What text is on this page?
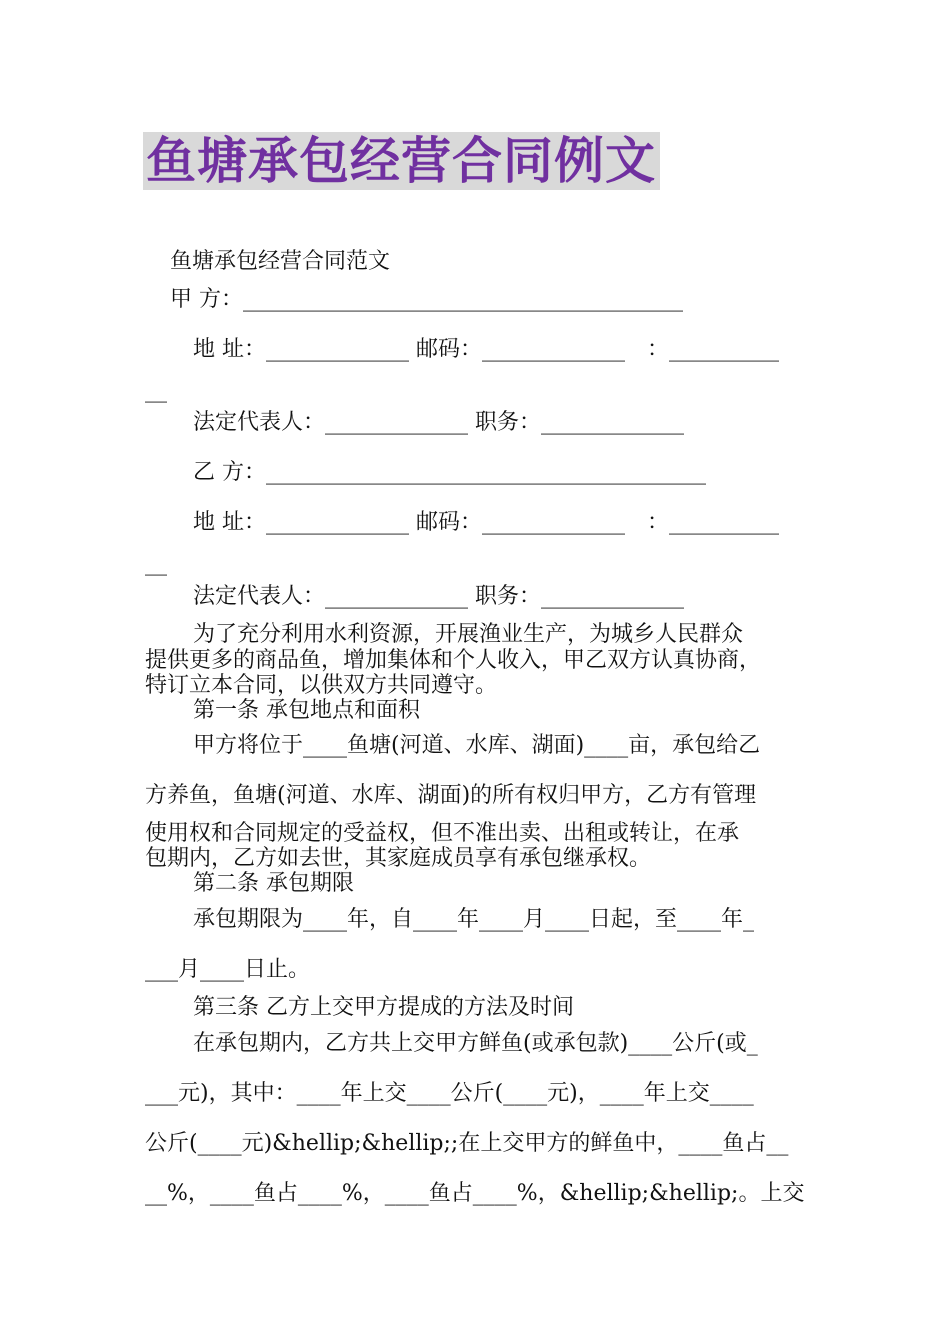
鱼塘承包经营合同例文
鱼塘承包经营合同范文
甲 方：________________________________________
地 址：_____________ 邮码：_____________　：__________
__
法定代表人：_____________ 职务：_____________
乙 方：________________________________________
地 址：_____________ 邮码：_____________　：__________
__
法定代表人：_____________ 职务：_____________
为了充分利用水利资源，开展渔业生产，为城乡人民群众
提供更多的商品鱼，增加集体和个人收入，甲乙双方认真协商，
特订立本合同，以供双方共同遵守。
第一条 承包地点和面积
甲方将位于____鱼塘(河道、水库、湖面)____亩，承包给乙
方养鱼，鱼塘(河道、水库、湖面)的所有权归甲方，乙方有管理
使用权和合同规定的受益权，但不准出卖、出租或转让，在承
包期内，乙方如去世，其家庭成员享有承包继承权。
第二条 承包期限
承包期限为____年，自____年____月____日起，至____年_
___月____日止。
第三条 乙方上交甲方提成的方法及时间
在承包期内，乙方共上交甲方鲜鱼(或承包款)____公斤(或_
___元)，其中：____年上交____公斤(____元)，____年上交____
公斤(____元)&hellip;&hellip;;在上交甲方的鲜鱼中，____鱼占__
__%，____鱼占____%，____鱼占____%，&hellip;&hellip;。上交
